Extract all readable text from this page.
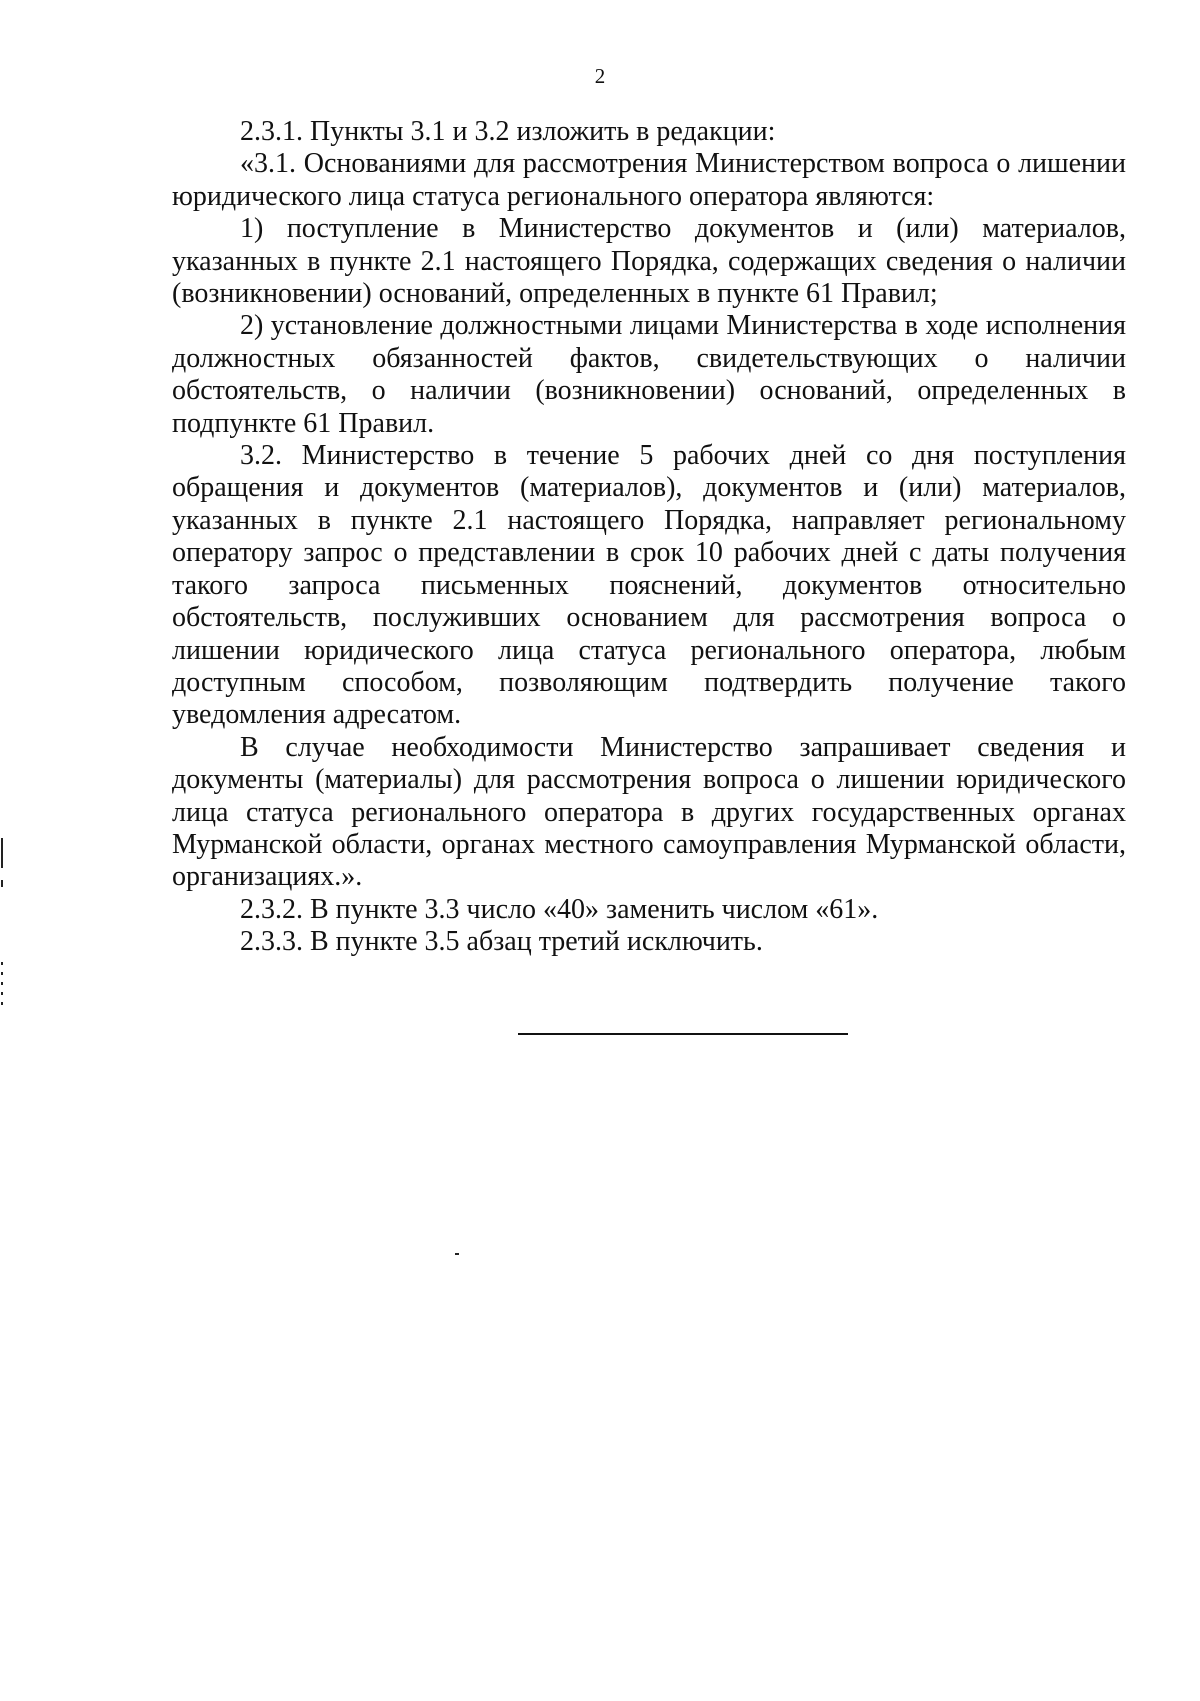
2

2.3.1. Пункты 3.1 и 3.2 изложить в редакции:

«3.1. Основаниями для рассмотрения Министерством вопроса о лишении юридического лица статуса регионального оператора являются:

1) поступление в Министерство документов и (или) материалов, указанных в пункте 2.1 настоящего Порядка, содержащих сведения о наличии (возникновении) оснований, определенных в пункте 61 Правил;

2) установление должностными лицами Министерства в ходе исполнения должностных обязанностей фактов, свидетельствующих о наличии обстоятельств, о наличии (возникновении) оснований, определенных в подпункте 61 Правил.

3.2. Министерство в течение 5 рабочих дней со дня поступления обращения и документов (материалов), документов и (или) материалов, указанных в пункте 2.1 настоящего Порядка, направляет региональному оператору запрос о представлении в срок 10 рабочих дней с даты получения такого запроса письменных пояснений, документов относительно обстоятельств, послуживших основанием для рассмотрения вопроса о лишении юридического лица статуса регионального оператора, любым доступным способом, позволяющим подтвердить получение такого уведомления адресатом.

В случае необходимости Министерство запрашивает сведения и документы (материалы) для рассмотрения вопроса о лишении юридического лица статуса регионального оператора в других государственных органах Мурманской области, органах местного самоуправления Мурманской области, организациях.».

2.3.2. В пункте 3.3 число «40» заменить числом «61».

2.3.3. В пункте 3.5 абзац третий исключить.
